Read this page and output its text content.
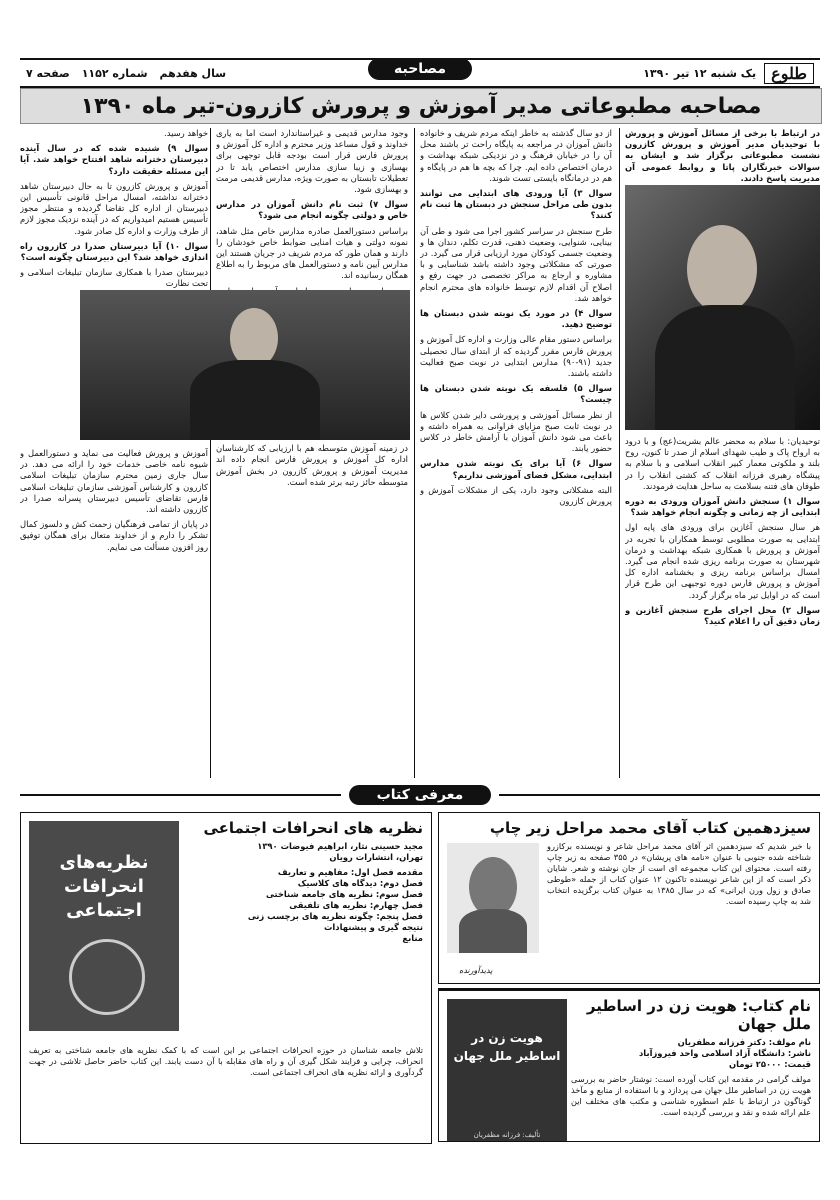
طلوع
یک شنبه ۱۲ تیر ۱۳۹۰
مصاحبه
سال هفدهم
شماره ۱۱۵۲
صفحه ۷
مصاحبه مطبوعاتی مدیر آموزش و پرورش کازرون-تیر ماه ۱۳۹۰

در ارتباط با برخی از مسائل آموزش و پرورش با توحیدیان مدیر آموزش و پرورش کازرون نشست مطبوعاتی برگزار شد و ایشان به سوالات خبرنگاران پاتا و روابط عمومی آن مدیریت پاسخ دادند.

توحیدیان: با سلام به محضر عالم بشریت(عج) و با درود به ارواح پاک و طیب شهدای اسلام از صدر تا کنون، روح بلند و ملکوتی معمار کبیر انقلاب اسلامی و با سلام به پیشگاه رهبری فرزانه انقلاب که کشتی انقلاب را در طوفان های فتنه بسلامت به ساحل هدایت فرمودند.

سوال ۱) سنجش دانش آموزان ورودی به دوره ابتدایی از چه زمانی و چگونه انجام خواهد شد؟

هر سال سنجش آغازین برای ورودی های پایه اول ابتدایی به صورت مطلوبی توسط همکاران با تجربه در آموزش و پرورش با همکاری شبکه بهداشت و درمان شهرستان به صورت برنامه ریزی شده انجام می گیرد. امسال براساس برنامه ریزی و بخشنامه اداره کل آموزش و پرورش فارس دوره توجیهی این طرح قرار است که در اوایل تیر ماه برگزار گردد.

سوال ۲) محل اجرای طرح سنجش آغازین و زمان دقیق آن را اعلام کنید؟

از دو سال گذشته به خاطر اینکه مردم شریف و خانواده دانش آموزان در مراجعه به پایگاه راحت تر باشند محل آن را در خیابان فرهنگ و در نزدیکی شبکه بهداشت و درمان اختصاص داده ایم. چرا که بچه ها هم در پایگاه و هم در درمانگاه بایستی تست شوند.

سوال ۳) آیا ورودی های ابتدایی می توانند بدون طی مراحل سنجش در دبستان ها ثبت نام کنند؟

طرح سنجش در سراسر کشور اجرا می شود و طی آن بینایی، شنوایی، وضعیت ذهنی، قدرت تکلم، دندان ها و وضعیت جسمی کودکان مورد ارزیابی قرار می گیرد. در صورتی که مشکلاتی وجود داشته باشد شناسایی و با مشاوره و ارجاع به مراکز تخصصی در جهت رفع و اصلاح آن اقدام لازم توسط خانواده های محترم انجام خواهد شد.

سوال ۴) در مورد یک نوبته شدن دبستان ها توضیح دهید.

براساس دستور مقام عالی وزارت و اداره کل آموزش و پرورش فارس مقرر گردیده که از ابتدای سال تحصیلی جدید (۹۱-۹۰) مدارس ابتدایی در نوبت صبح فعالیت داشته باشند.

سوال ۵) فلسفه یک نوبته شدن دبستان ها چیست؟

از نظر مسائل آموزشی و پرورشی دایر شدن کلاس ها در نوبت ثابت صبح مزایای فراوانی به همراه داشته و باعث می شود دانش آموزان با آرامش خاطر در کلاس حضور یابند.

سوال ۶) آیا برای یک نوبته شدن مدارس ابتدایی، مشکل فضای آموزشی نداریم؟

البته مشکلاتی وجود دارد، یکی از مشکلات آموزش و پرورش کازرون

وجود مدارس قدیمی و غیراستاندارد است اما به یاری خداوند و قول مساعد وزیر محترم و اداره کل آموزش و پرورش فارس قرار است بودجه قابل توجهی برای بهسازی و زیبا سازی مدارس اختصاص یابد تا در تعطیلات تابستان به صورت ویژه، مدارس قدیمی مرمت و بهسازی شود.

سوال ۷) ثبت نام دانش آموزان در مدارس خاص و دولتی چگونه انجام می شود؟

براساس دستورالعمل صادره مدارس خاص مثل شاهد، نمونه دولتی و هیات امنایی ضوابط خاص خودشان را دارند و همان طور که مردم شریف در جریان هستند این مدارس آیین نامه و دستورالعمل های مربوط را به اطلاع همگان رسانیده اند.

در زمینه آموزش متوسطه هم با ارزیابی که کارشناسان اداره کل آموزش و پرورش فارس انجام داده اند مدیریت آموزش و پرورش کازرون در بخش آموزش متوسطه حائز رتبه برتر شده است.

خواهد رسید.

سوال ۹) شنیده شده که در سال آینده دبیرستان دخترانه شاهد افتتاح خواهد شد. آیا این مسئله حقیقت دارد؟

آموزش و پرورش کازرون تا به حال دبیرستان شاهد دخترانه نداشته، امسال مراحل قانونی تأسیس این دبیرستان از اداره کل تقاضا گردیده و منتظر مجوز تأسیس هستیم امیدواریم که در آینده نزدیک مجوز لازم از طرف وزارت و اداره کل صادر شود.

سوال ۱۰) آیا دبیرستان صدرا در کازرون راه اندازی خواهد شد؟ این دبیرستان چگونه است؟

دبیرستان صدرا با همکاری سازمان تبلیغات اسلامی و تحت نظارت

آموزش و پرورش فعالیت می نماید و دستورالعمل و شیوه نامه خاصی خدمات خود را ارائه می دهد. در سال جاری زمین محترم سازمان تبلیغات اسلامی کازرون و کارشناس آموزشی سازمان تبلیغات اسلامی فارس تقاضای تأسیس دبیرستان پسرانه صدرا در کازرون داشته اند.

در پایان از تمامی فرهنگیان زحمت کش و دلسوز کمال تشکر را دارم و از خداوند متعال برای همگان توفیق روز افزون مسألت می نمایم.

معرفی کتاب
سیزدهمین کتاب آقای محمد مراحل زیر چاپ
با خبر شدیم که سیزدهمین اثر آقای محمد مراحل شاعر و نویسنده برکازرو شناخته شده جنوبی با عنوان «نامه های پریشان» در ۳۵۵ صفحه به زیر چاپ رفته است. محتوای این کتاب مجموعه ای است از جان نوشته و شعر. شایان ذکر است که از این شاعر نویسنده تاکنون ۱۲ عنوان کتاب از جمله «طوطی صادق و زول ورن ایرانی» که در سال ۱۳۸۵ به عنوان کتاب برگزیده انتخاب شد به چاپ رسیده است.
پدیدآورنده
نظریه‌های انحرافات اجتماعی
نظریه های انحرافات اجتماعی
مجید حسینی نثار، ابراهیم فیوضات ۱۳۹۰
تهران، انتشارات رویان
مقدمه فصل اول: مفاهیم و تعاریف
فصل دوم: دیدگاه های کلاسیک
فصل سوم: نظریه های جامعه شناختی
فصل چهارم: نظریه های تلفیقی
فصل پنجم: چگونه نظریه های برچسب زنی
نتیجه گیری و پیشنهادات
منابع
تلاش جامعه شناسان در حوزه انحرافات اجتماعی بر این است که با کمک نظریه های جامعه شناختی به تعریف انحراف، چرایی و فرایند شکل گیری آن و راه های مقابله با آن دست یابند. این کتاب حاضر حاصل تلاشی در جهت گردآوری و ارائه نظریه های انحراف اجتماعی است.
هویت زن در اساطیر ملل جهان
تألیف: فرزانه مظفریان
نام کتاب: هویت زن در اساطیر ملل جهان
نام مولف: دکتر فرزانه مظفریان
ناشر: دانشگاه آزاد اسلامی واحد فیروزآباد
قیمت: ۲۵۰۰۰ تومان
مولف گرامی در مقدمه این کتاب آورده است: نوشتار حاضر به بررسی هویت زن در اساطیر ملل جهان می پردازد و با استفاده از منابع و مآخذ گوناگون در ارتباط با علم اسطوره شناسی و مکتب های مختلف این علم ارائه شده و نقد و بررسی گردیده است.
